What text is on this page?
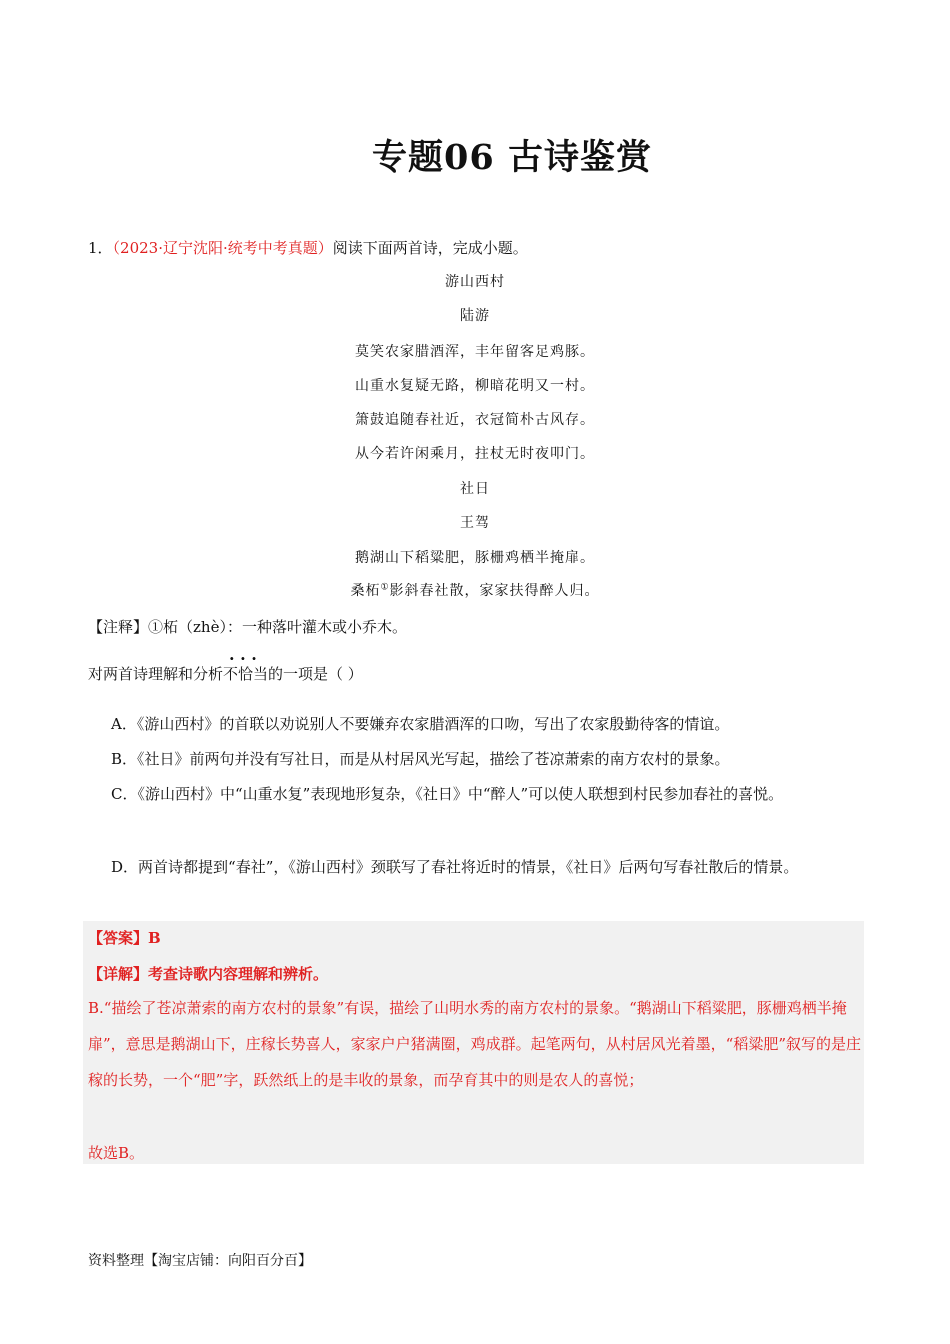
专题06 古诗鉴赏
1．（2023·辽宁沈阳·统考中考真题）阅读下面两首诗，完成小题。
游山西村
陆游
莫笑农家腊酒浑，丰年留客足鸡豚。
山重水复疑无路，柳暗花明又一村。
箫鼓追随春社近，衣冠简朴古风存。
从今若许闲乘月，拄杖无时夜叩门。
社日
王驾
鹅湖山下稻粱肥，豚栅鸡栖半掩扉。
桑柘①影斜春社散，家家扶得醉人归。
【注释】①柘（zhè）：一种落叶灌木或小乔木。
对两首诗理解和分析不恰当 · · ·的一项是（ ）
A．《游山西村》的首联以劝说别人不要嫌弃农家腊酒浑的口吻，写出了农家殷勤待客的情谊。
B．《社日》前两句并没有写社日，而是从村居风光写起，描绘了苍凉萧索的南方农村的景象。
C．《游山西村》中“山重水复”表现地形复杂，《社日》中“醉人”可以使人联想到村民参加春社的喜悦。
D．两首诗都提到“春社”，《游山西村》颈联写了春社将近时的情景，《社日》后两句写春社散后的情景。
【答案】B
【详解】考查诗歌内容理解和辨析。
B.“描绘了苍凉萧索的南方农村的景象”有误，描绘了山明水秀的南方农村的景象。“鹅湖山下稻粱肥，豚栅鸡栖半掩扉”，意思是鹅湖山下，庄稼长势喜人，家家户户猪满圈，鸡成群。起笔两句，从村居风光着墨，“稻粱肥”叙写的是庄稼的长势，一个“肥”字，跃然纸上的是丰收的景象，而孕育其中的则是农人的喜悦；
故选B。
资料整理【淘宝店铺：向阳百分百】
